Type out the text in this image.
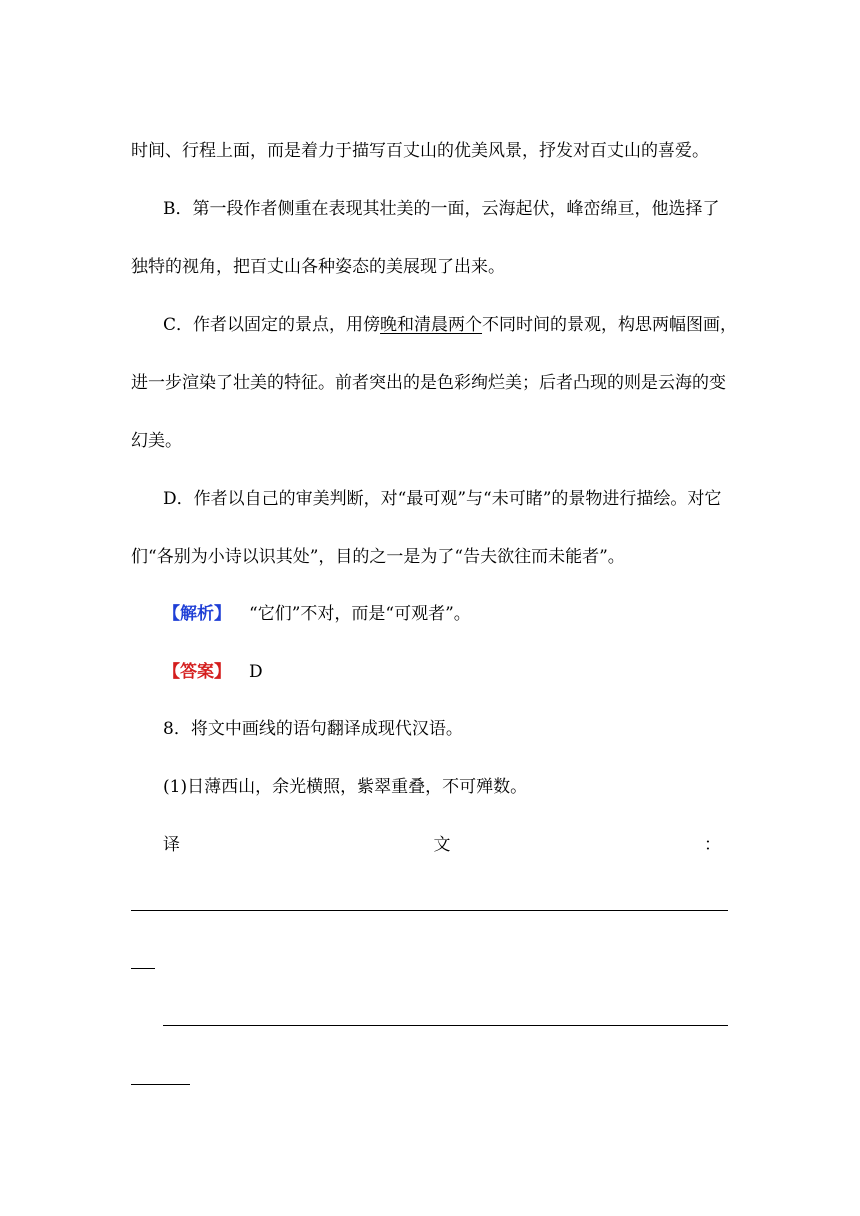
时间、行程上面，而是着力于描写百丈山的优美风景，抒发对百丈山的喜爱。
B．第一段作者侧重在表现其壮美的一面，云海起伏，峰峦绵亘，他选择了
独特的视角，把百丈山各种姿态的美展现了出来。
C．作者以固定的景点，用傍晚和清晨两个不同时间的景观，构思两幅图画，
进一步渲染了壮美的特征。前者突出的是色彩绚烂美；后者凸现的则是云海的变
幻美。
D．作者以自己的审美判断，对“最可观”与“未可睹”的景物进行描绘。对它
们“各别为小诗以识其处”，目的之一是为了“告夫欲往而未能者”。
【解析】 “它们”不对，而是“可观者”。
【答案】 D
8．将文中画线的语句翻译成现代汉语。
(1)日薄西山，余光横照，紫翠重叠，不可殚数。
译	文	：
